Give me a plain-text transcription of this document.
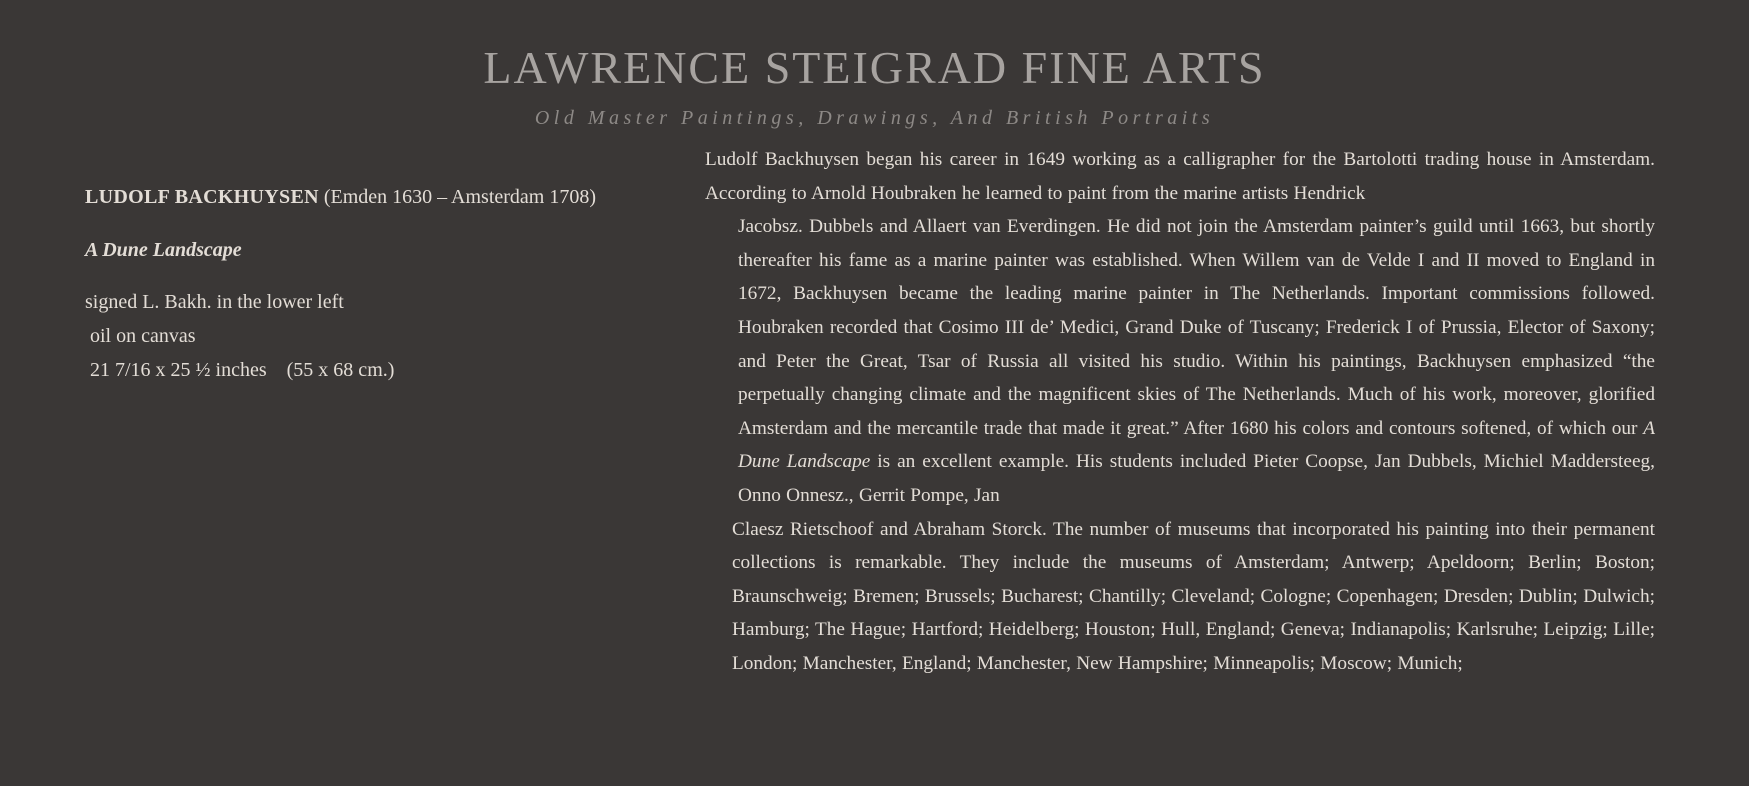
LAWRENCE STEIGRAD FINE ARTS
Old Master Paintings, Drawings, And British Portraits

LUDOLF BACKHUYSEN (Emden 1630 – Amsterdam 1708)

A Dune Landscape

signed L. Bakh. in the lower left
oil on canvas
21 7/16 x 25 ½ inches    (55 x 68 cm.)

Ludolf Backhuysen began his career in 1649 working as a calligrapher for the Bartolotti trading house in Amsterdam. According to Arnold Houbraken he learned to paint from the marine artists Hendrick
Jacobsz. Dubbels and Allaert van Everdingen. He did not join the Amsterdam painter’s guild until 1663, but shortly thereafter his fame as a marine painter was established. When Willem van de Velde I and II moved to England in 1672, Backhuysen became the leading marine painter in The Netherlands. Important commissions followed. Houbraken recorded that Cosimo III de’ Medici, Grand Duke of Tuscany; Frederick I of Prussia, Elector of Saxony; and Peter the Great, Tsar of Russia all visited his studio. Within his paintings, Backhuysen emphasized “the perpetually changing climate and the magnificent skies of The Netherlands. Much of his work, moreover, glorified Amsterdam and the mercantile trade that made it great.” After 1680 his colors and contours softened, of which our A Dune Landscape is an excellent example. His students included Pieter Coopse, Jan Dubbels, Michiel Maddersteeg, Onno Onnesz., Gerrit Pompe, Jan
Claesz Rietschoof and Abraham Storck. The number of museums that incorporated his painting into their permanent collections is remarkable. They include the museums of Amsterdam; Antwerp; Apeldoorn; Berlin; Boston; Braunschweig; Bremen; Brussels; Bucharest; Chantilly; Cleveland; Cologne; Copenhagen; Dresden; Dublin; Dulwich; Hamburg; The Hague; Hartford; Heidelberg; Houston; Hull, England; Geneva; Indianapolis; Karlsruhe; Leipzig; Lille; London; Manchester, England; Manchester, New Hampshire; Minneapolis; Moscow; Munich;
